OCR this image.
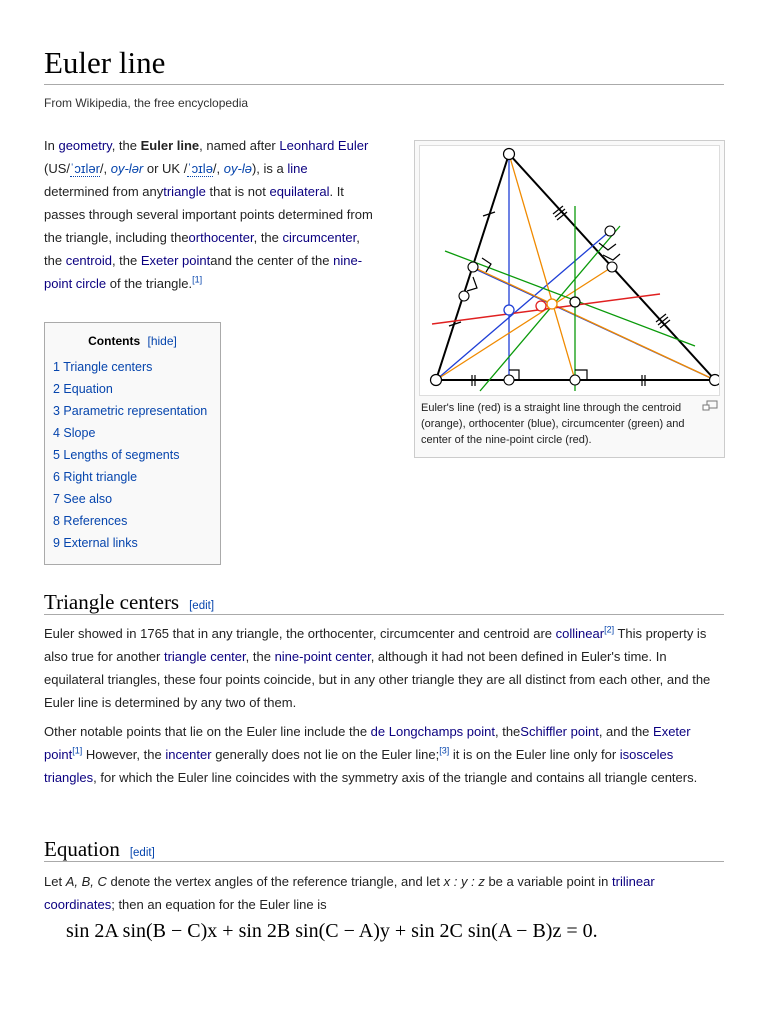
Euler line
From Wikipedia, the free encyclopedia
In geometry, the Euler line, named after Leonhard Euler (US/ˈɔɪlər/, oy-lər or UK /ˈɔɪlə/, oy-lə), is a line determined from anytriangle that is not equilateral. It passes through several important points determined from the triangle, including theorthocenter, the circumcenter, the centroid, the Exeter pointand the center of the nine-point circle of the triangle.[1]
Contents [hide]
1 Triangle centers
2 Equation
3 Parametric representation
4 Slope
5 Lengths of segments
6 Right triangle
7 See also
8 References
9 External links
Euler's line (red) is a straight line through the centroid (orange), orthocenter (blue), circumcenter (green) and center of the nine-point circle (red).
Triangle centers [edit]
Euler showed in 1765 that in any triangle, the orthocenter, circumcenter and centroid are collinear[2] This property is also true for another triangle center, the nine-point center, although it had not been defined in Euler's time. In equilateral triangles, these four points coincide, but in any other triangle they are all distinct from each other, and the Euler line is determined by any two of them.
Other notable points that lie on the Euler line include the de Longchamps point, theSchiffler point, and the Exeter point[1] However, the incenter generally does not lie on the Euler line;[3] it is on the Euler line only for isosceles triangles, for which the Euler line coincides with the symmetry axis of the triangle and contains all triangle centers.
Equation [edit]
Let A, B, C denote the vertex angles of the reference triangle, and let x : y : z be a variable point in trilinear coordinates; then an equation for the Euler line is
sin 2A sin(B − C)x + sin 2B sin(C − A)y + sin 2C sin(A − B)z = 0.
